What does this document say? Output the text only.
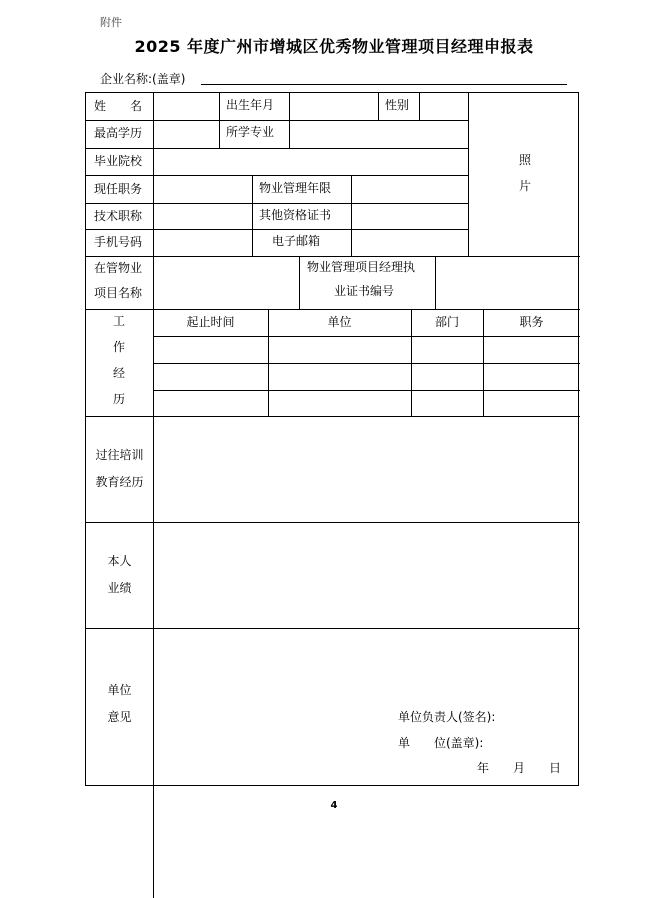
附件
2025 年度广州市增城区优秀物业管理项目经理申报表
企业名称:(盖章)
姓　　名	出生年月	性别
最高学历	所学专业
毕业院校
现任职务	物业管理年限
技术职称	其他资格证书
手机号码	电子邮箱
照
片
在管物业
项目名称
物业管理项目经理执
业证书编号
工
作
经
历
起止时间	单位	部门	职务
过往培训
教育经历
本人
业绩
单位
意见	单位负责人(签名):
单　　位(盖章):
年　　月　　日
4
